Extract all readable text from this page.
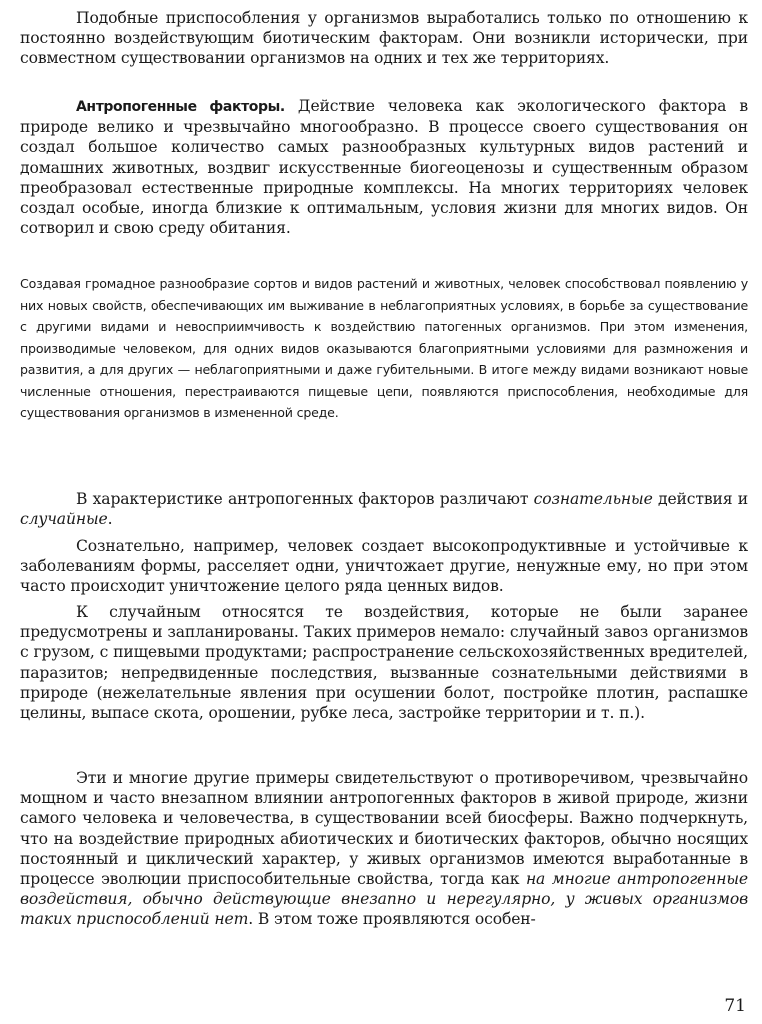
Подобные приспособления у организмов выработались только по отношению к постоянно воздействующим биотическим факторам. Они возникли исторически, при совместном существовании организмов на одних и тех же территориях.

Антропогенные факторы. Действие человека как экологического фактора в природе велико и чрезвычайно многообразно. В процессе своего существования он создал большое количество самых разнообразных культурных видов растений и домашних животных, воздвиг искусственные биогеоценозы и существенным образом преобразовал естественные природные комплексы. На многих территориях человек создал особые, иногда близкие к оптимальным, условия жизни для многих видов. Он сотворил и свою среду обитания.

Создавая громадное разнообразие сортов и видов растений и животных, человек способствовал появлению у них новых свойств, обеспечивающих им выживание в неблагоприятных условиях, в борьбе за существование с другими видами и невосприимчивость к воздействию патогенных организмов. При этом изменения, производимые человеком, для одних видов оказываются благоприятными условиями для размножения и развития, а для других — неблагоприятными и даже губительными. В итоге между видами возникают новые численные отношения, перестраиваются пищевые цепи, появляются приспособления, необходимые для существования организмов в измененной среде.

В характеристике антропогенных факторов различают сознательные действия и случайные.

Сознательно, например, человек создает высокопродуктивные и устойчивые к заболеваниям формы, расселяет одни, уничтожает другие, ненужные ему, но при этом часто происходит уничтожение целого ряда ценных видов.

К случайным относятся те воздействия, которые не были заранее предусмотрены и запланированы. Таких примеров немало: случайный завоз организмов с грузом, с пищевыми продуктами; распространение сельскохозяйственных вредителей, паразитов; непредвиденные последствия, вызванные сознательными действиями в природе (нежелательные явления при осушении болот, постройке плотин, распашке целины, выпасе скота, орошении, рубке леса, застройке территории и т. п.).

Эти и многие другие примеры свидетельствуют о противоречивом, чрезвычайно мощном и часто внезапном влиянии антропогенных факторов в живой природе, жизни самого человека и человечества, в существовании всей биосферы. Важно подчеркнуть, что на воздействие природных абиотических и биотических факторов, обычно носящих постоянный и циклический характер, у живых организмов имеются выработанные в процессе эволюции приспособительные свойства, тогда как на многие антропогенные воздействия, обычно действующие внезапно и нерегулярно, у живых организмов таких приспособлений нет. В этом тоже проявляются особен-

71
